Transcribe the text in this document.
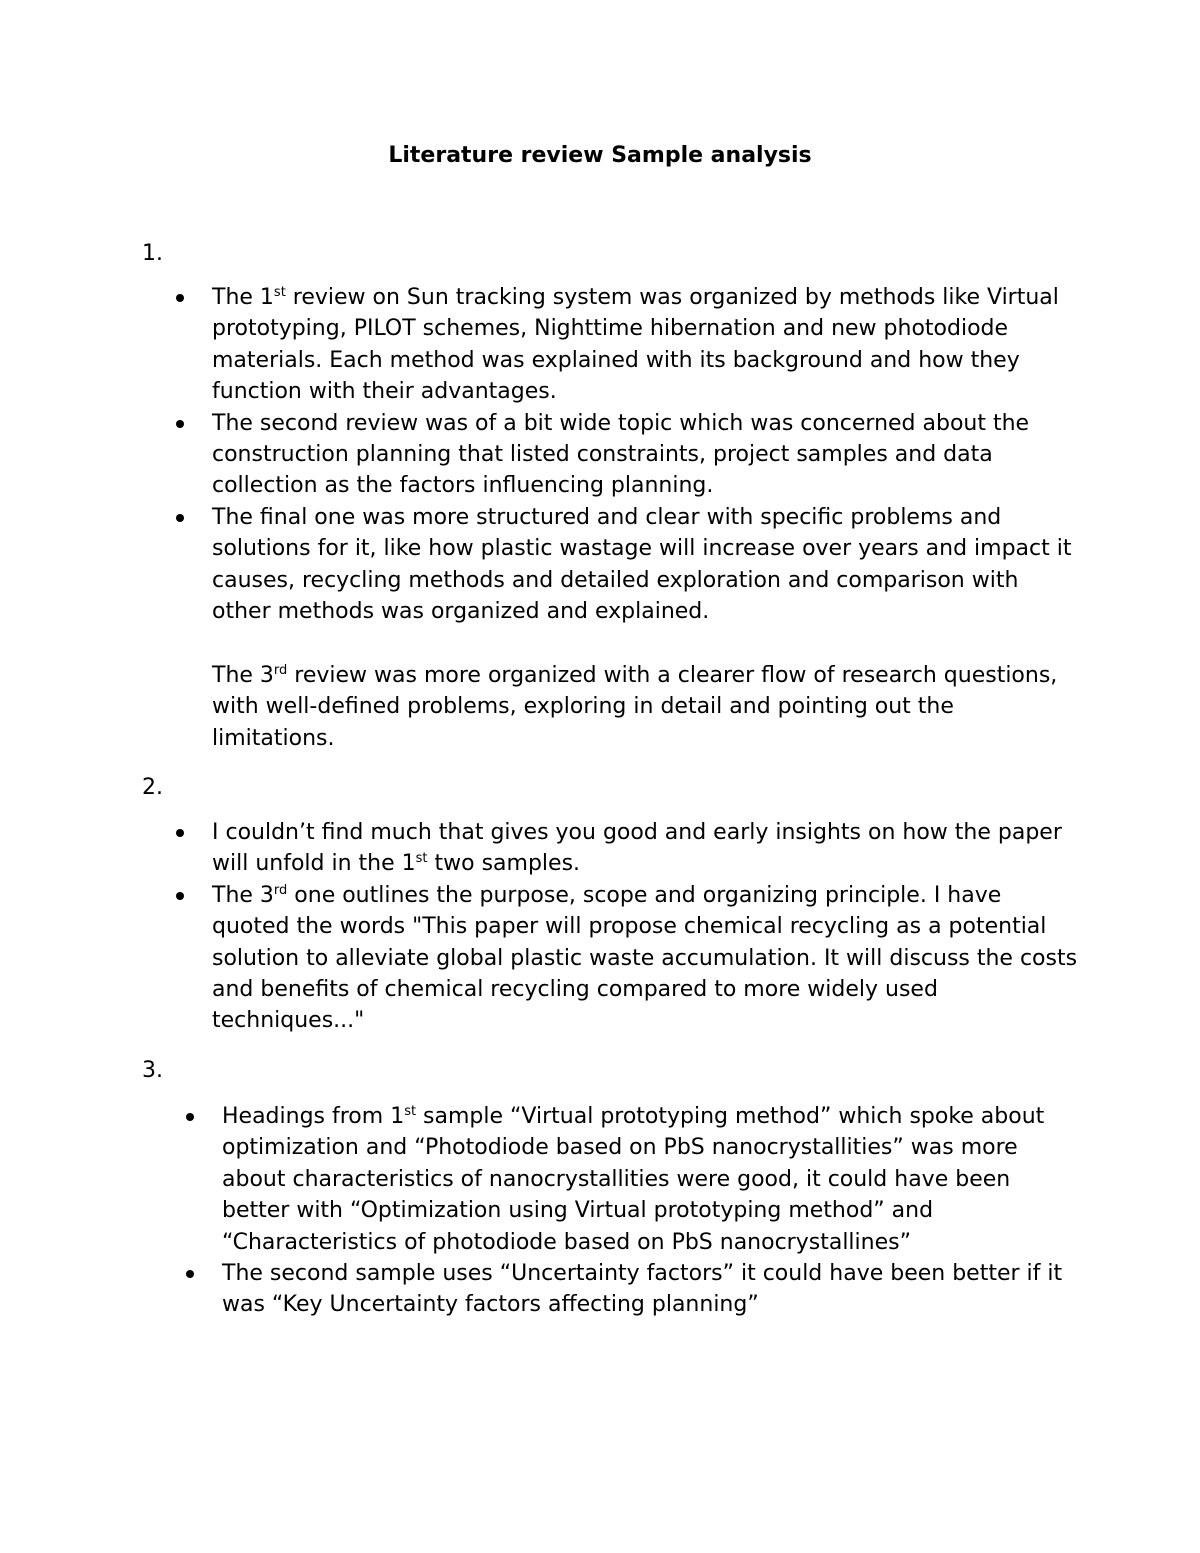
Literature review Sample analysis
1.
The 1st review on Sun tracking system was organized by methods like Virtual prototyping, PILOT schemes, Nighttime hibernation and new photodiode materials. Each method was explained with its background and how they function with their advantages.
The second review was of a bit wide topic which was concerned about the construction planning that listed constraints, project samples and data collection as the factors influencing planning.
The final one was more structured and clear with specific problems and solutions for it, like how plastic wastage will increase over years and impact it causes, recycling methods and detailed exploration and comparison with other methods was organized and explained.

The 3rd review was more organized with a clearer flow of research questions, with well-defined problems, exploring in detail and pointing out the limitations.

2.
I couldn’t find much that gives you good and early insights on how the paper will unfold in the 1st two samples.
The 3rd one outlines the purpose, scope and organizing principle. I have quoted the words "This paper will propose chemical recycling as a potential solution to alleviate global plastic waste accumulation. It will discuss the costs and benefits of chemical recycling compared to more widely used techniques..."
3.
Headings from 1st sample “Virtual prototyping method” which spoke about optimization and “Photodiode based on PbS nanocrystallities” was more about characteristics of nanocrystallities were good, it could have been better with “Optimization using Virtual prototyping method” and “Characteristics of photodiode based on PbS nanocrystallines”
The second sample uses “Uncertainty factors” it could have been better if it was “Key Uncertainty factors affecting planning”
